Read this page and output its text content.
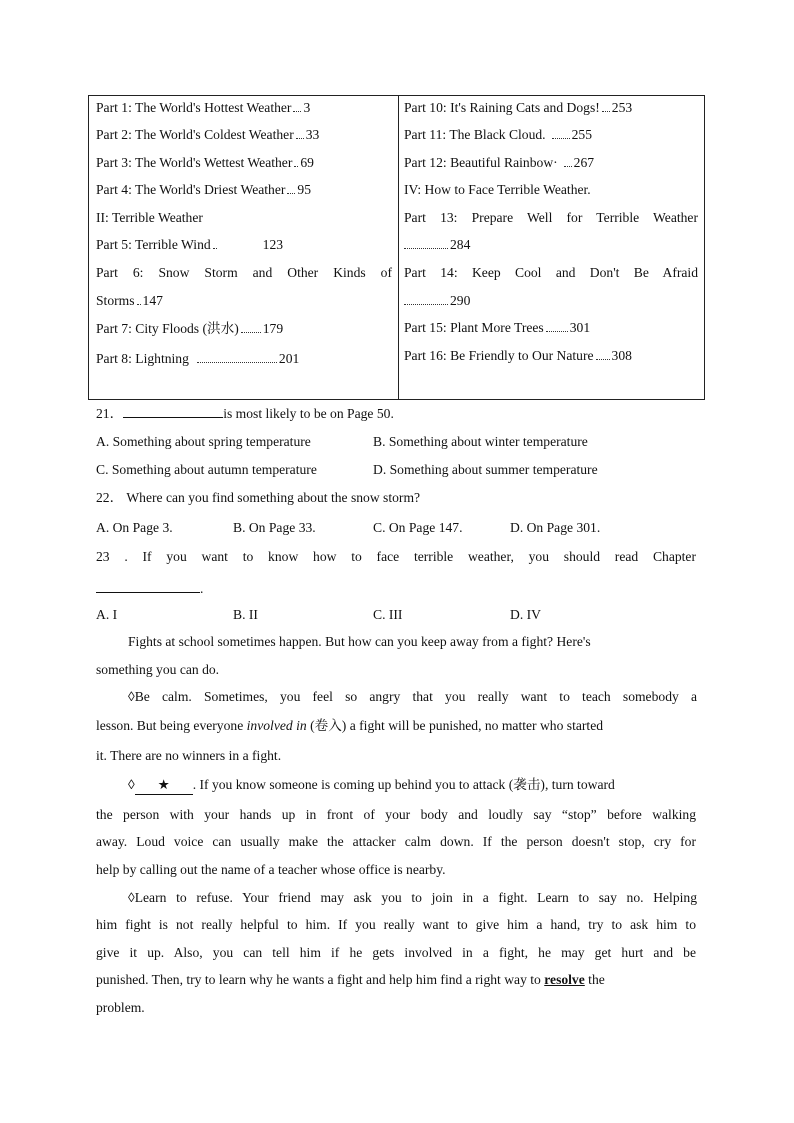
Part 1: The World's Hottest Weather 3
Part 2: The World's Coldest Weather 33
Part 3: The World's Wettest Weather 69
Part 4: The World's Driest Weather 95
II: Terrible Weather
Part 5: Terrible Wind	123
Part 6: Snow Storm and Other Kinds of
Storms 147
Part 7: City Floods (洪水) 179
Part 8: Lightning	201
Part 10: It's Raining Cats and Dogs! 253
Part 11: The Black Cloud. 255
Part 12: Beautiful Rainbow· 267
IV: How to Face Terrible Weather.
Part 13: Prepare Well for Terrible Weather
284
Part 14: Keep Cool and Don't Be Afraid
290
Part 15: Plant More Trees 301
Part 16: Be Friendly to Our Nature 308
21．	is most likely to be on Page 50.
A. Something about spring temperature	B. Something about winter temperature
C. Something about autumn temperature	D. Something about summer temperature
22． Where can you find something about the snow storm?
A. On Page 3.	B. On Page 33.	C. On Page 147.	D. On Page 301.
23 . If you want to know how to face terrible weather, you should read Chapter
.
A. I	B. II	C. III	D. IV
Fights at school sometimes happen. But how can you keep away from a fight? Here's
something you can do.
◊Be calm. Sometimes, you feel so angry that you really want to teach somebody a
lesson. But being everyone involved in (卷入) a fight will be punished, no matter who started
it. There are no winners in a fight.
◊ ★ . If you know someone is coming up behind you to attack (袭击), turn toward
the person with your hands up in front of your body and loudly say “stop” before walking
away. Loud voice can usually make the attacker calm down. If the person doesn't stop, cry for
help by calling out the name of a teacher whose office is nearby.
◊Learn to refuse. Your friend may ask you to join in a fight. Learn to say no. Helping
him fight is not really helpful to him. If you really want to give him a hand, try to ask him to
give it up. Also, you can tell him if he gets involved in a fight, he may get hurt and be
punished. Then, try to learn why he wants a fight and help him find a right way to resolve the
problem.
